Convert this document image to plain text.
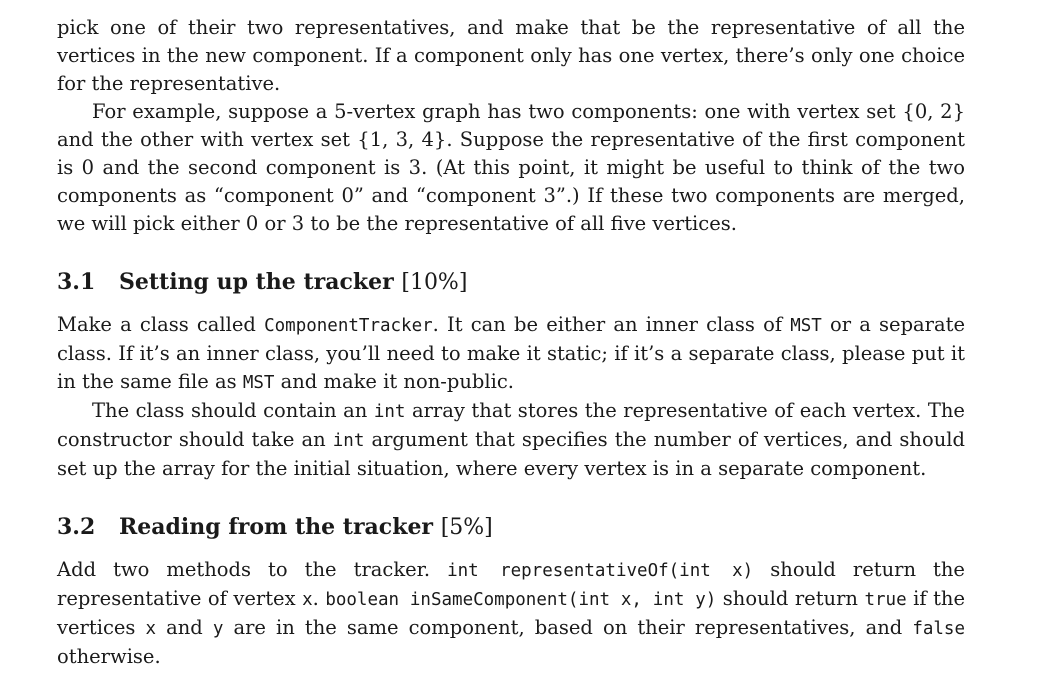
pick one of their two representatives, and make that be the representative of all the vertices in the new component. If a component only has one vertex, there’s only one choice for the representative.

For example, suppose a 5-vertex graph has two components: one with vertex set {0, 2} and the other with vertex set {1, 3, 4}. Suppose the representative of the first component is 0 and the second component is 3. (At this point, it might be useful to think of the two components as “component 0” and “component 3”.) If these two components are merged, we will pick either 0 or 3 to be the representative of all five vertices.

3.1 Setting up the tracker [10%]

Make a class called ComponentTracker. It can be either an inner class of MST or a separate class. If it’s an inner class, you’ll need to make it static; if it’s a separate class, please put it in the same file as MST and make it non-public.

The class should contain an int array that stores the representative of each vertex. The constructor should take an int argument that specifies the number of vertices, and should set up the array for the initial situation, where every vertex is in a separate component.

3.2 Reading from the tracker [5%]

Add two methods to the tracker. int representativeOf(int x) should return the representative of vertex x. boolean inSameComponent(int x, int y) should return true if the vertices x and y are in the same component, based on their representatives, and false otherwise.
